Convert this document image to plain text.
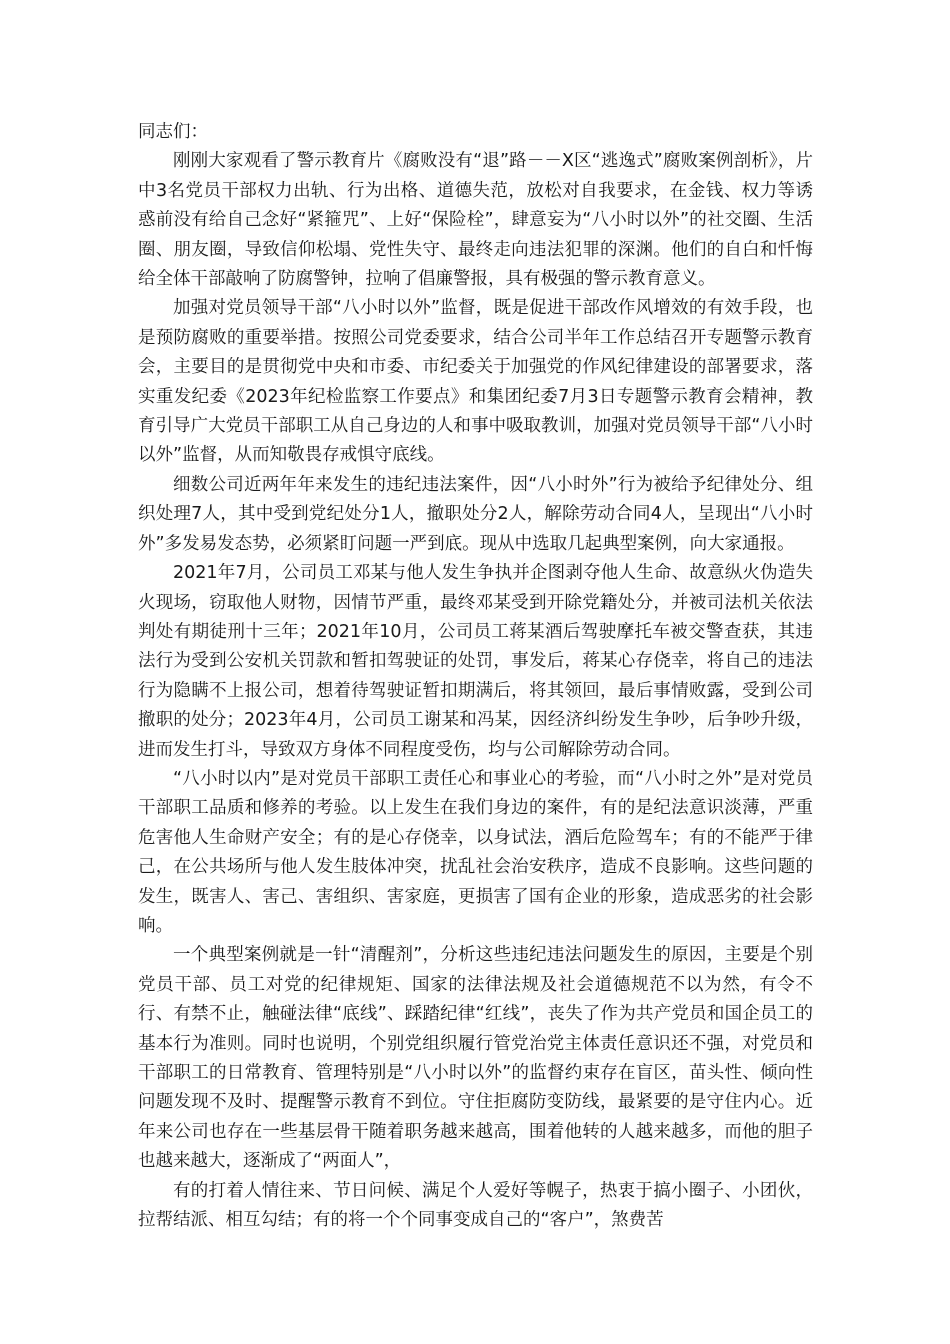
同志们：

刚刚大家观看了警示教育片《腐败没有“退”路－－X区“逃逸式”腐败案例剖析》，片中3名党员干部权力出轨、行为出格、道德失范，放松对自我要求，在金钱、权力等诱惑前没有给自己念好“紧箍咒”、上好“保险栓”，肆意妄为“八小时以外”的社交圈、生活圈、朋友圈，导致信仰松塌、党性失守、最终走向违法犯罪的深渊。他们的自白和忏悔给全体干部敲响了防腐警钟，拉响了倡廉警报，具有极强的警示教育意义。

加强对党员领导干部“八小时以外”监督，既是促进干部改作风增效的有效手段，也是预防腐败的重要举措。按照公司党委要求，结合公司半年工作总结召开专题警示教育会，主要目的是贯彻党中央和市委、市纪委关于加强党的作风纪律建设的部署要求，落实重发纪委《2023年纪检监察工作要点》和集团纪委7月3日专题警示教育会精神，教育引导广大党员干部职工从自己身边的人和事中吸取教训，加强对党员领导干部“八小时以外”监督，从而知敬畏存戒惧守底线。

细数公司近两年年来发生的违纪违法案件，因“八小时外”行为被给予纪律处分、组织处理7人，其中受到党纪处分1人，撤职处分2人，解除劳动合同4人，呈现出“八小时外”多发易发态势，必须紧盯问题一严到底。现从中选取几起典型案例，向大家通报。

2021年7月，公司员工邓某与他人发生争执并企图剥夺他人生命、故意纵火伪造失火现场，窃取他人财物，因情节严重，最终邓某受到开除党籍处分，并被司法机关依法判处有期徒刑十三年；2021年10月，公司员工蒋某酒后驾驶摩托车被交警查获，其违法行为受到公安机关罚款和暂扣驾驶证的处罚，事发后，蒋某心存侥幸，将自己的违法行为隐瞒不上报公司，想着待驾驶证暂扣期满后，将其领回，最后事情败露，受到公司撤职的处分；2023年4月，公司员工谢某和冯某，因经济纠纷发生争吵，后争吵升级，进而发生打斗，导致双方身体不同程度受伤，均与公司解除劳动合同。

“八小时以内”是对党员干部职工责任心和事业心的考验，而“八小时之外”是对党员干部职工品质和修养的考验。以上发生在我们身边的案件，有的是纪法意识淡薄，严重危害他人生命财产安全；有的是心存侥幸，以身试法，酒后危险驾车；有的不能严于律己，在公共场所与他人发生肢体冲突，扰乱社会治安秩序，造成不良影响。这些问题的发生，既害人、害己、害组织、害家庭，更损害了国有企业的形象，造成恶劣的社会影响。

一个典型案例就是一针“清醒剂”，分析这些违纪违法问题发生的原因，主要是个别党员干部、员工对党的纪律规矩、国家的法律法规及社会道德规范不以为然，有令不行、有禁不止，触碰法律“底线”、踩踏纪律“红线”，丧失了作为共产党员和国企员工的基本行为准则。同时也说明，个别党组织履行管党治党主体责任意识还不强，对党员和干部职工的日常教育、管理特别是“八小时以外”的监督约束存在盲区，苗头性、倾向性问题发现不及时、提醒警示教育不到位。守住拒腐防变防线，最紧要的是守住内心。近年来公司也存在一些基层骨干随着职务越来越高，围着他转的人越来越多，而他的胆子也越来越大，逐渐成了“两面人”，

有的打着人情往来、节日问候、满足个人爱好等幌子，热衷于搞小圈子、小团伙，拉帮结派、相互勾结；有的将一个个同事变成自己的“客户”，煞费苦
